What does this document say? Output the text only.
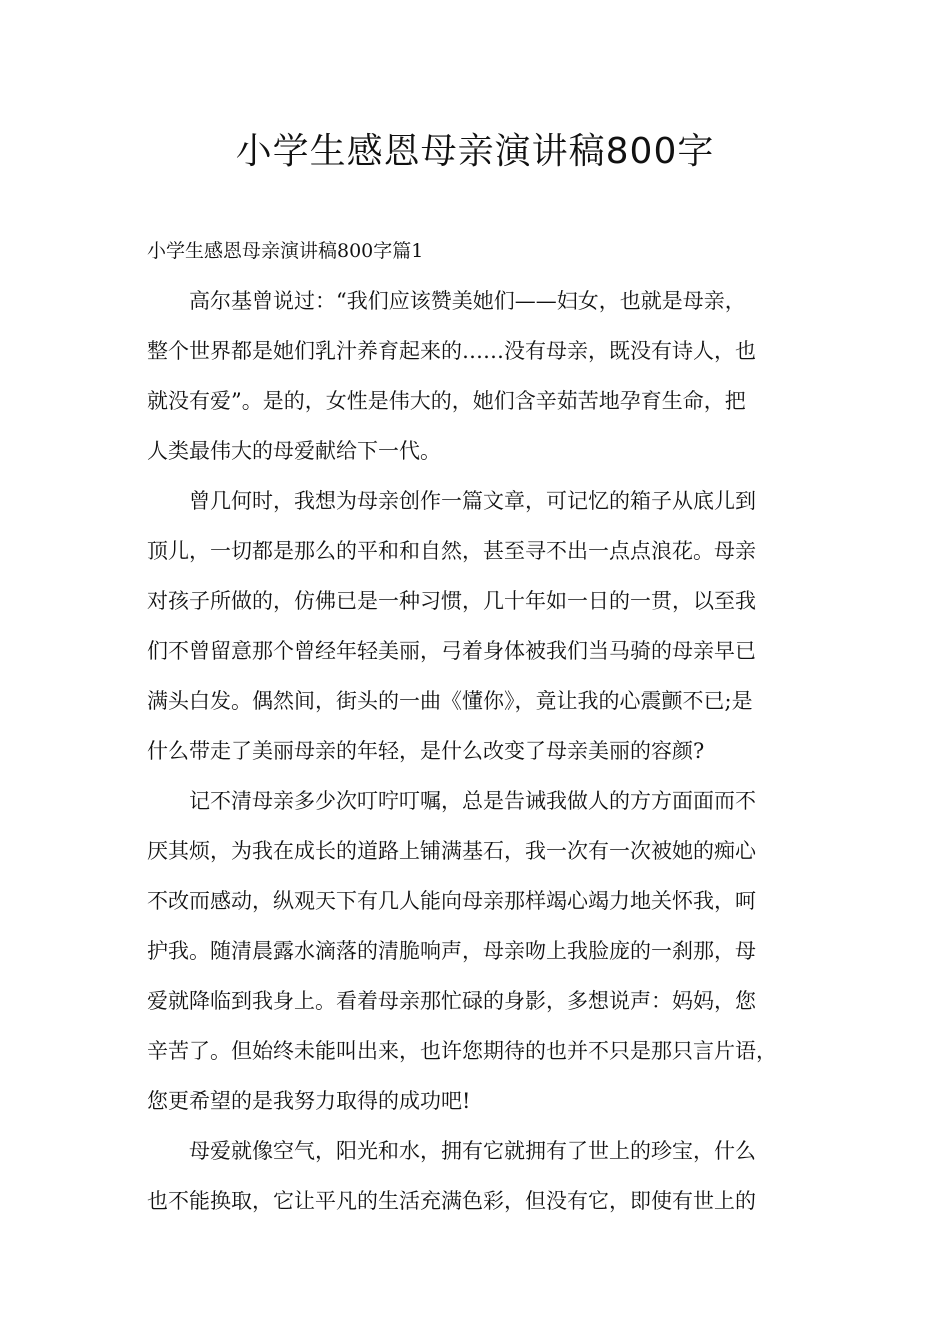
小学生感恩母亲演讲稿800字
小学生感恩母亲演讲稿800字篇1
高尔基曾说过：“我们应该赞美她们——妇女，也就是母亲，
整个世界都是她们乳汁养育起来的……没有母亲，既没有诗人，也
就没有爱”。是的，女性是伟大的，她们含辛茹苦地孕育生命，把
人类最伟大的母爱献给下一代。
曾几何时，我想为母亲创作一篇文章，可记忆的箱子从底儿到
顶儿，一切都是那么的平和和自然，甚至寻不出一点点浪花。母亲
对孩子所做的，仿佛已是一种习惯，几十年如一日的一贯，以至我
们不曾留意那个曾经年轻美丽，弓着身体被我们当马骑的母亲早已
满头白发。偶然间，街头的一曲《懂你》，竟让我的心震颤不已;是
什么带走了美丽母亲的年轻，是什么改变了母亲美丽的容颜?
记不清母亲多少次叮咛叮嘱，总是告诫我做人的方方面面而不
厌其烦，为我在成长的道路上铺满基石，我一次有一次被她的痴心
不改而感动，纵观天下有几人能向母亲那样竭心竭力地关怀我，呵
护我。随清晨露水滴落的清脆响声，母亲吻上我脸庞的一刹那，母
爱就降临到我身上。看着母亲那忙碌的身影，多想说声：妈妈，您
辛苦了。但始终未能叫出来，也许您期待的也并不只是那只言片语，
您更希望的是我努力取得的成功吧!
母爱就像空气，阳光和水，拥有它就拥有了世上的珍宝，什么
也不能换取，它让平凡的生活充满色彩，但没有它，即使有世上的
